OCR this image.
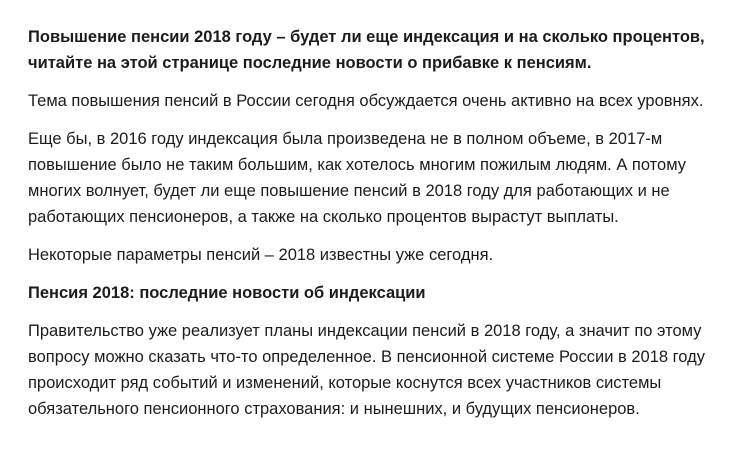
Повышение пенсии 2018 году – будет ли еще индексация и на сколько процентов,
читайте на этой странице последние новости о прибавке к пенсиям.

Тема повышения пенсий в России сегодня обсуждается очень активно на всех уровнях.

Еще бы, в 2016 году индексация была произведена не в полном объеме, в 2017-м
повышение было не таким большим, как хотелось многим пожилым людям. А потому
многих волнует, будет ли еще повышение пенсий в 2018 году для работающих и не
работающих пенсионеров, а также на сколько процентов вырастут выплаты.

Некоторые параметры пенсий – 2018 известны уже сегодня.

Пенсия 2018: последние новости об индексации

Правительство уже реализует планы индексации пенсий в 2018 году, а значит по этому
вопросу можно сказать что-то определенное. В пенсионной системе России в 2018 году
происходит ряд событий и изменений, которые коснутся всех участников системы
обязательного пенсионного страхования: и нынешних, и будущих пенсионеров.
